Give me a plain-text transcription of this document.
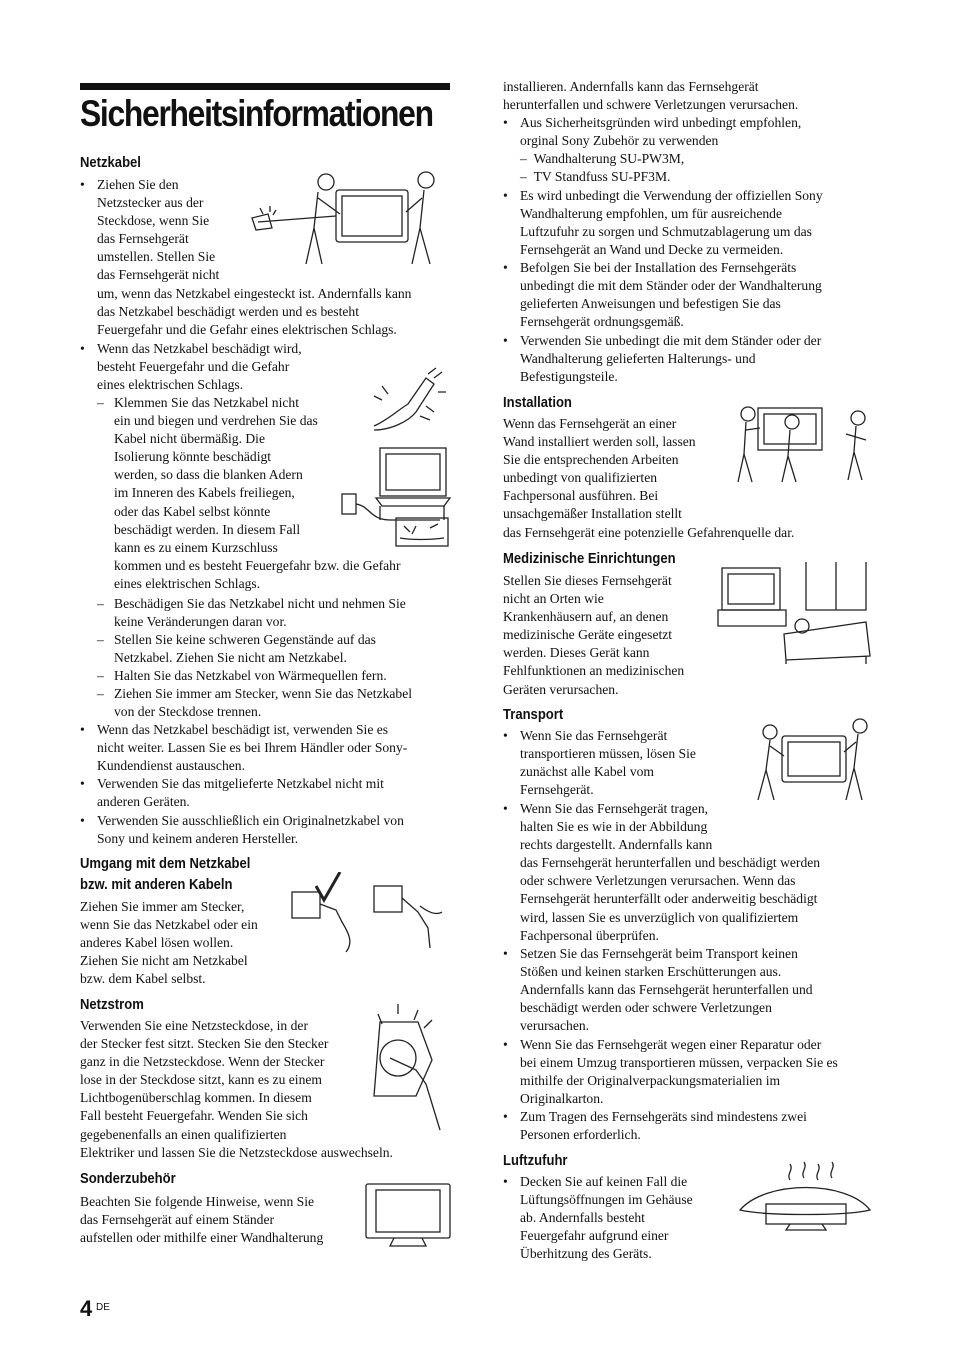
Sicherheitsinformationen
Netzkabel
• Ziehen Sie den
Netzstecker aus der
Steckdose, wenn Sie
das Fernsehgerät
umstellen. Stellen Sie
das Fernsehgerät nicht
um, wenn das Netzkabel eingesteckt ist. Andernfalls kann
das Netzkabel beschädigt werden und es besteht
Feuergefahr und die Gefahr eines elektrischen Schlags.
• Wenn das Netzkabel beschädigt wird,
besteht Feuergefahr und die Gefahr
eines elektrischen Schlags.
– Klemmen Sie das Netzkabel nicht
ein und biegen und verdrehen Sie das
Kabel nicht übermäßig. Die
Isolierung könnte beschädigt
werden, so dass die blanken Adern
im Inneren des Kabels freiliegen,
oder das Kabel selbst könnte
beschädigt werden. In diesem Fall
kann es zu einem Kurzschluss
kommen und es besteht Feuergefahr bzw. die Gefahr
eines elektrischen Schlags.
– Beschädigen Sie das Netzkabel nicht und nehmen Sie
keine Veränderungen daran vor.
– Stellen Sie keine schweren Gegenstände auf das
Netzkabel. Ziehen Sie nicht am Netzkabel.
– Halten Sie das Netzkabel von Wärmequellen fern.
– Ziehen Sie immer am Stecker, wenn Sie das Netzkabel
von der Steckdose trennen.
• Wenn das Netzkabel beschädigt ist, verwenden Sie es
nicht weiter. Lassen Sie es bei Ihrem Händler oder Sony-
Kundendienst austauschen.
• Verwenden Sie das mitgelieferte Netzkabel nicht mit
anderen Geräten.
• Verwenden Sie ausschließlich ein Originalnetzkabel von
Sony und keinem anderen Hersteller.
Umgang mit dem Netzkabel
bzw. mit anderen Kabeln
Ziehen Sie immer am Stecker,
wenn Sie das Netzkabel oder ein
anderes Kabel lösen wollen.
Ziehen Sie nicht am Netzkabel
bzw. dem Kabel selbst.
Netzstrom
Verwenden Sie eine Netzsteckdose, in der
der Stecker fest sitzt. Stecken Sie den Stecker
ganz in die Netzsteckdose. Wenn der Stecker
lose in der Steckdose sitzt, kann es zu einem
Lichtbogenüberschlag kommen. In diesem
Fall besteht Feuergefahr. Wenden Sie sich
gegebenenfalls an einen qualifizierten
Elektriker und lassen Sie die Netzsteckdose auswechseln.
Sonderzubehör
Beachten Sie folgende Hinweise, wenn Sie
das Fernsehgerät auf einem Ständer
aufstellen oder mithilfe einer Wandhalterung
installieren. Andernfalls kann das Fernsehgerät
herunterfallen und schwere Verletzungen verursachen.
• Aus Sicherheitsgründen wird unbedingt empfohlen,
orginal Sony Zubehör zu verwenden
–  Wandhalterung SU-PW3M,
–  TV Standfuss SU-PF3M.
• Es wird unbedingt die Verwendung der offiziellen Sony
Wandhalterung empfohlen, um für ausreichende
Luftzufuhr zu sorgen und Schmutzablagerung um das
Fernsehgerät an Wand und Decke zu vermeiden.
• Befolgen Sie bei der Installation des Fernsehgeräts
unbedingt die mit dem Ständer oder der Wandhalterung
gelieferten Anweisungen und befestigen Sie das
Fernsehgerät ordnungsgemäß.
• Verwenden Sie unbedingt die mit dem Ständer oder der
Wandhalterung gelieferten Halterungs- und
Befestigungsteile.
Installation
Wenn das Fernsehgerät an einer
Wand installiert werden soll, lassen
Sie die entsprechenden Arbeiten
unbedingt von qualifizierten
Fachpersonal ausführen. Bei
unsachgemäßer Installation stellt
das Fernsehgerät eine potenzielle Gefahrenquelle dar.
Medizinische Einrichtungen
Stellen Sie dieses Fernsehgerät
nicht an Orten wie
Krankenhäusern auf, an denen
medizinische Geräte eingesetzt
werden. Dieses Gerät kann
Fehlfunktionen an medizinischen
Geräten verursachen.
Transport
• Wenn Sie das Fernsehgerät
transportieren müssen, lösen Sie
zunächst alle Kabel vom
Fernsehgerät.
• Wenn Sie das Fernsehgerät tragen,
halten Sie es wie in der Abbildung
rechts dargestellt. Andernfalls kann
das Fernsehgerät herunterfallen und beschädigt werden
oder schwere Verletzungen verursachen. Wenn das
Fernsehgerät herunterfällt oder anderweitig beschädigt
wird, lassen Sie es unverzüglich von qualifiziertem
Fachpersonal überprüfen.
• Setzen Sie das Fernsehgerät beim Transport keinen
Stößen und keinen starken Erschütterungen aus.
Andernfalls kann das Fernsehgerät herunterfallen und
beschädigt werden oder schwere Verletzungen
verursachen.
• Wenn Sie das Fernsehgerät wegen einer Reparatur oder
bei einem Umzug transportieren müssen, verpacken Sie es
mithilfe der Originalverpackungsmaterialien im
Originalkarton.
• Zum Tragen des Fernsehgeräts sind mindestens zwei
Personen erforderlich.
Luftzufuhr
• Decken Sie auf keinen Fall die
Lüftungsöffnungen im Gehäuse
ab. Andernfalls besteht
Feuergefahr aufgrund einer
Überhitzung des Geräts.
4 DE
